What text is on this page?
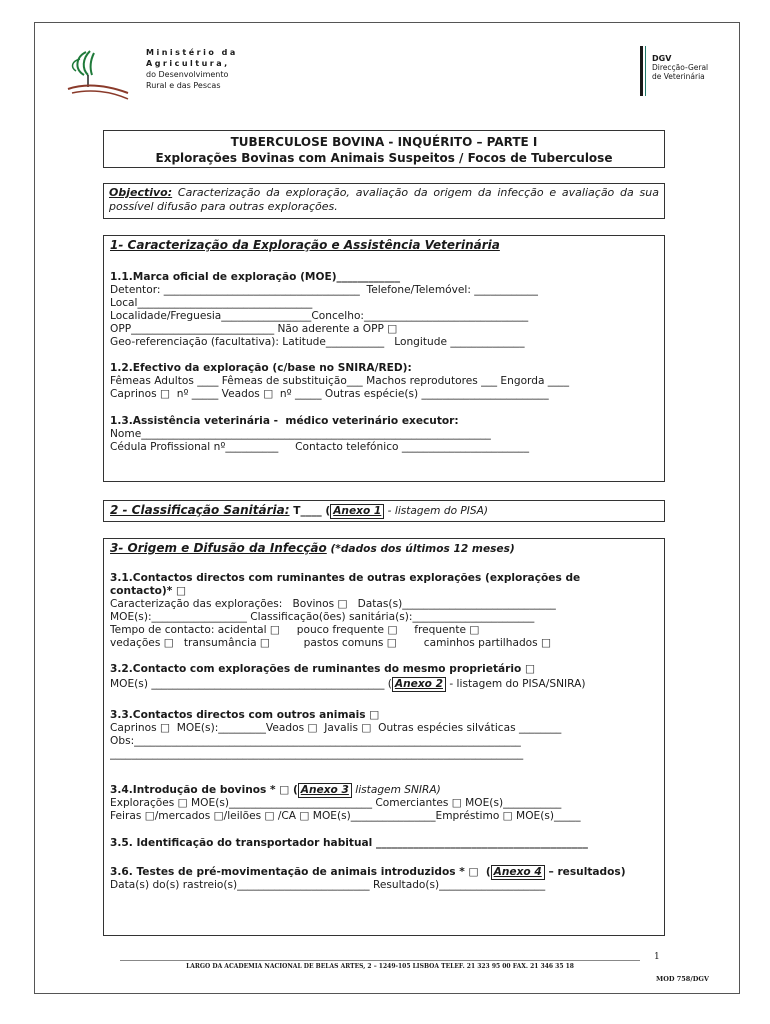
Ministério da
Agricultura,
do Desenvolvimento
Rural e das Pescas
DGV
Direcção-Geral
de Veterinária
TUBERCULOSE BOVINA - INQUÉRITO – PARTE I
Explorações Bovinas com Animais Suspeitos / Focos de Tuberculose
Objectivo: Caracterização da exploração, avaliação da origem da infecção e avaliação da sua possível difusão para outras explorações.
1- Caracterização da Exploração e Assistência Veterinária
1.1.Marca oficial de exploração (MOE)____________
Detentor: _____________________________________  Telefone/Telemóvel: ____________
Local_________________________________
Localidade/Freguesia_________________Concelho:_______________________________
OPP___________________________ Não aderente a OPP □
Geo-referenciação (facultativa): Latitude___________   Longitude ______________
1.2.Efectivo da exploração (c/base no SNIRA/RED):
Fêmeas Adultos ____ Fêmeas de substituição___ Machos reprodutores ___ Engorda ____
Caprinos □  nº _____ Veados □  nº _____ Outras espécie(s) ________________________
1.3.Assistência veterinária -  médico veterinário executor:
Nome__________________________________________________________________
Cédula Profissional nº__________     Contacto telefónico ________________________
2 - Classificação Sanitária: T____ ( Anexo 1 - listagem do PISA)
3- Origem e Difusão da Infecção (*dados dos últimos 12 meses)
3.1.Contactos directos com ruminantes de outras explorações (explorações de
contacto)* □
Caracterização das explorações:   Bovinos □   Datas(s)_____________________________
MOE(s):__________________ Classificação(ões) sanitária(s):_______________________
Tempo de contacto: acidental □     pouco frequente □     frequente □
vedações □   transumância □          pastos comuns □        caminhos partilhados □
3.2.Contacto com explorações de ruminantes do mesmo proprietário □
MOE(s) ____________________________________________ ( Anexo 2 - listagem do PISA/SNIRA)
3.3.Contactos directos com outros animais □
Caprinos □  MOE(s):_________Veados □  Javalis □  Outras espécies silváticas ________
Obs:_________________________________________________________________________
______________________________________________________________________________
3.4.Introdução de bovinos * □ ( Anexo 3 listagem SNIRA)
Explorações □ MOE(s)___________________________ Comerciantes □ MOE(s)___________
Feiras □/mercados □/leilões □ /CA □ MOE(s)________________Empréstimo □ MOE(s)_____
3.5. Identificação do transportador habitual ________________________________________
3.6. Testes de pré-movimentação de animais introduzidos * □  ( Anexo 4 – resultados)
Data(s) do(s) rastreio(s)_________________________ Resultado(s)____________________
LARGO DA ACADEMIA NACIONAL DE BELAS ARTES, 2 – 1249-105 LISBOA TELEF. 21 323 95 00 FAX. 21 346 35 18
1
MOD 758/DGV
